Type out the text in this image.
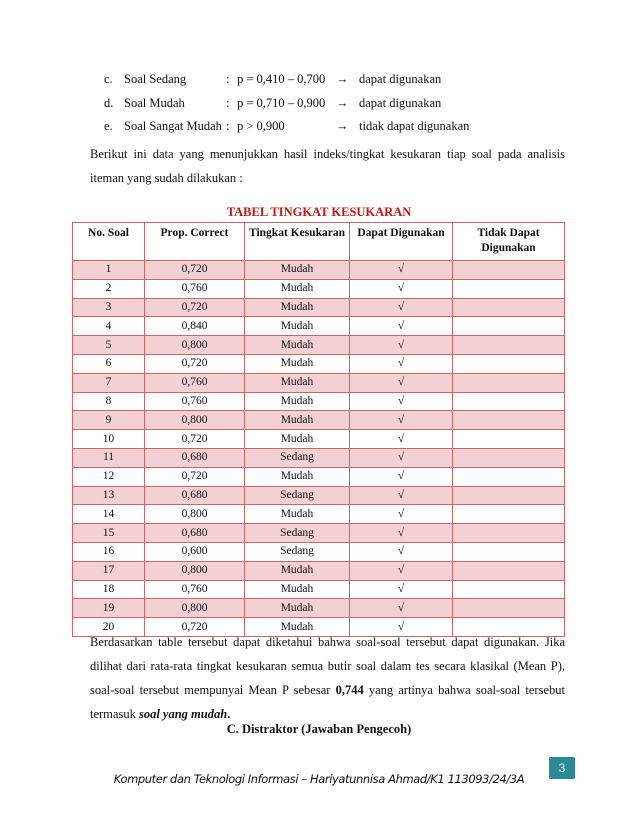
c. Soal Sedang	: p = 0,410 – 0,700 → dapat digunakan
d. Soal Mudah	: p = 0,710 – 0,900 → dapat digunakan
e. Soal Sangat Mudah : p > 0,900	→ tidak dapat digunakan
Berikut ini data yang menunjukkan hasil indeks/tingkat kesukaran tiap soal pada analisis iteman yang sudah dilakukan :
TABEL TINGKAT KESUKARAN
No. Soal	Prop. Correct	Tingkat Kesukaran	Dapat Digunakan	Tidak Dapat Digunakan
1	0,720	Mudah	√	
2	0,760	Mudah	√	
3	0,720	Mudah	√	
4	0,840	Mudah	√	
5	0,800	Mudah	√	
6	0,720	Mudah	√	
7	0,760	Mudah	√	
8	0,760	Mudah	√	
9	0,800	Mudah	√	
10	0,720	Mudah	√	
11	0,680	Sedang	√	
12	0,720	Mudah	√	
13	0,680	Sedang	√	
14	0,800	Mudah	√	
15	0,680	Sedang	√	
16	0,600	Sedang	√	
17	0,800	Mudah	√	
18	0,760	Mudah	√	
19	0,800	Mudah	√	
20	0,720	Mudah	√	
Berdasarkan table tersebut dapat diketahui bahwa soal-soal tersebut dapat digunakan. Jika dilihat dari rata-rata tingkat kesukaran semua butir soal dalam tes secara klasikal (Mean P), soal-soal tersebut mempunyai Mean P sebesar 0,744 yang artinya bahwa soal-soal tersebut termasuk soal yang mudah.
C. Distraktor (Jawaban Pengecoh)
3
Komputer dan Teknologi Informasi – Hariyatunnisa Ahmad/K1 113093/24/3A
